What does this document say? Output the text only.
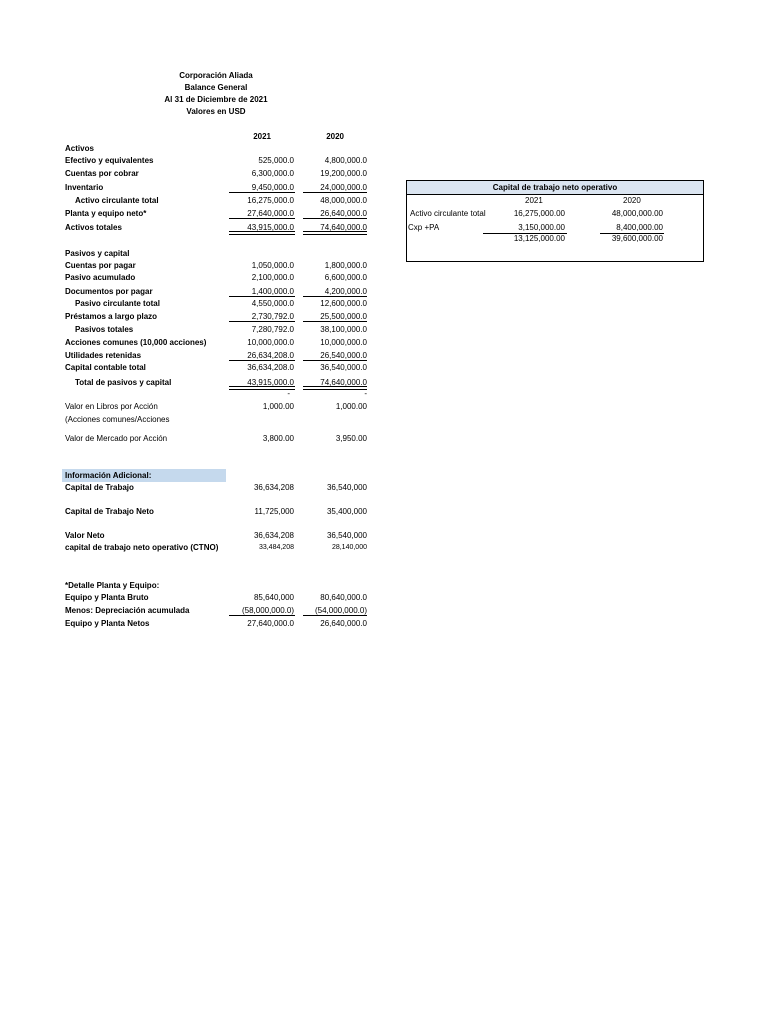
Corporación Aliada
Balance General
Al 31 de Diciembre de 2021
Valores en USD
2021	2020
Activos
Efectivo y equivalentes	525,000.0	4,800,000.0
Cuentas por cobrar	6,300,000.0	19,200,000.0
Inventario	9,450,000.0	24,000,000.0
Activo circulante total	16,275,000.0	48,000,000.0
Planta y equipo neto*	27,640,000.0	26,640,000.0
Activos totales	43,915,000.0	74,640,000.0
Pasivos y capital
Cuentas por pagar	1,050,000.0	1,800,000.0
Pasivo acumulado	2,100,000.0	6,600,000.0
Documentos por pagar	1,400,000.0	4,200,000.0
Pasivo circulante total	4,550,000.0	12,600,000.0
Préstamos a largo plazo	2,730,792.0	25,500,000.0
Pasivos totales	7,280,792.0	38,100,000.0
Acciones comunes (10,000 acciones)	10,000,000.0	10,000,000.0
Utilidades retenidas	26,634,208.0	26,540,000.0
Capital contable total	36,634,208.0	36,540,000.0
Total de pasivos y capital	43,915,000.0	74,640,000.0
-	-
Valor en Libros por Acción	1,000.00	1,000.00
(Acciones comunes/Acciones
Valor de Mercado por Acción	3,800.00	3,950.00
Información Adicional:
Capital de Trabajo	36,634,208	36,540,000
Capital de Trabajo Neto	11,725,000	35,400,000
Valor Neto	36,634,208	36,540,000
capital de trabajo neto operativo (CTNO)	33,484,208	28,140,000
*Detalle Planta y Equipo:
Equipo y Planta Bruto	85,640,000	80,640,000.0
Menos: Depreciación acumulada	(58,000,000.0)	(54,000,000.0)
Equipo y Planta Netos	27,640,000.0	26,640,000.0
Capital de trabajo neto operativo
2021	2020
Activo circulante total	16,275,000.00	48,000,000.00
Cxp +PA	3,150,000.00	8,400,000.00
13,125,000.00	39,600,000.00
